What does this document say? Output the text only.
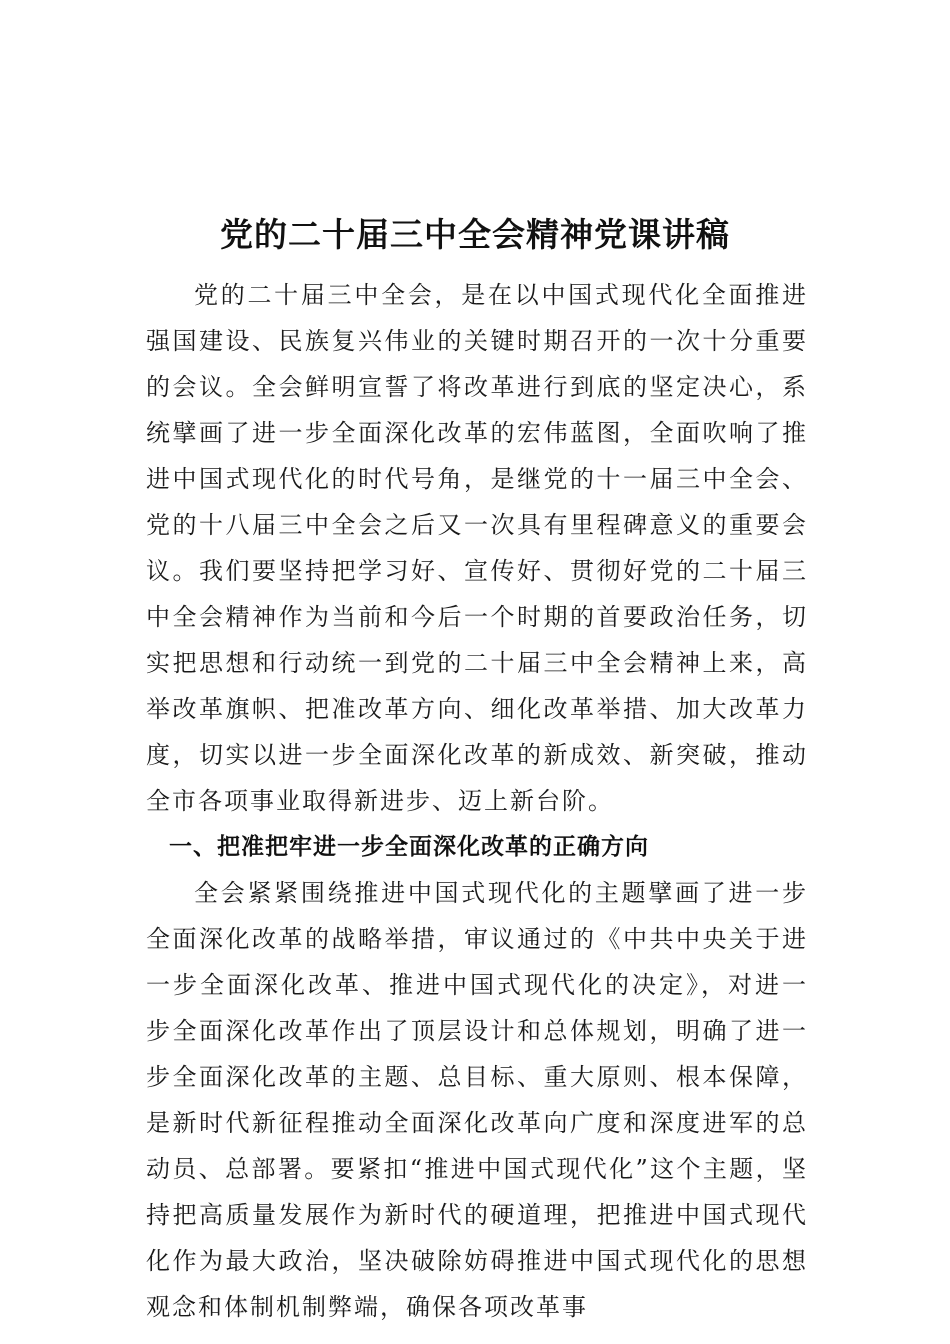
党的二十届三中全会精神党课讲稿

党的二十届三中全会，是在以中国式现代化全面推进强国建设、民族复兴伟业的关键时期召开的一次十分重要的会议。全会鲜明宣誓了将改革进行到底的坚定决心，系统擘画了进一步全面深化改革的宏伟蓝图，全面吹响了推进中国式现代化的时代号角，是继党的十一届三中全会、党的十八届三中全会之后又一次具有里程碑意义的重要会议。我们要坚持把学习好、宣传好、贯彻好党的二十届三中全会精神作为当前和今后一个时期的首要政治任务，切实把思想和行动统一到党的二十届三中全会精神上来，高举改革旗帜、把准改革方向、细化改革举措、加大改革力度，切实以进一步全面深化改革的新成效、新突破，推动全市各项事业取得新进步、迈上新台阶。

一、把准把牢进一步全面深化改革的正确方向

全会紧紧围绕推进中国式现代化的主题擘画了进一步全面深化改革的战略举措，审议通过的《中共中央关于进一步全面深化改革、推进中国式现代化的决定》，对进一步全面深化改革作出了顶层设计和总体规划，明确了进一步全面深化改革的主题、总目标、重大原则、根本保障，是新时代新征程推动全面深化改革向广度和深度进军的总动员、总部署。要紧扣“推进中国式现代化”这个主题，坚持把高质量发展作为新时代的硬道理，把推进中国式现代化作为最大政治，坚决破除妨碍推进中国式现代化的思想观念和体制机制弊端，确保各项改革事
